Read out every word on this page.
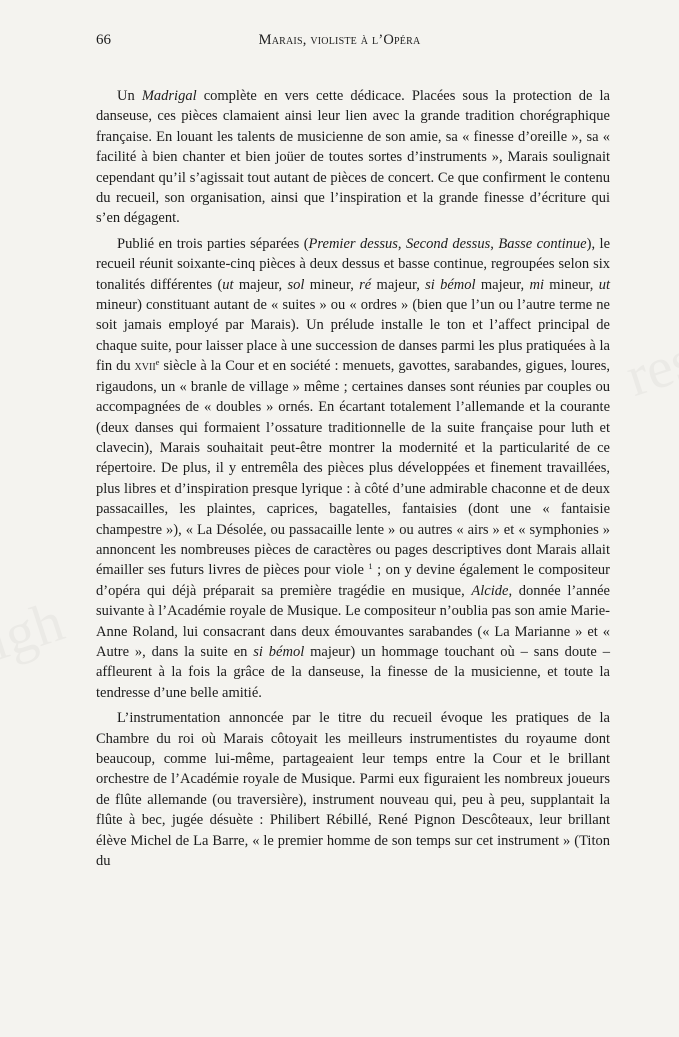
66	Marais, violiste à l’Opéra

Un Madrigal complète en vers cette dédicace. Placées sous la protection de la danseuse, ces pièces clamaient ainsi leur lien avec la grande tradition chorégraphique française. En louant les talents de musicienne de son amie, sa « finesse d’oreille », sa « facilité à bien chanter et bien joüer de toutes sortes d’instruments », Marais soulignait cependant qu’il s’agissait tout autant de pièces de concert. Ce que confirment le contenu du recueil, son organisation, ainsi que l’inspiration et la grande finesse d’écriture qui s’en dégagent.

Publié en trois parties séparées (Premier dessus, Second dessus, Basse continue), le recueil réunit soixante-cinq pièces à deux dessus et basse continue, regroupées selon six tonalités différentes (ut majeur, sol mineur, ré majeur, si bémol majeur, mi mineur, ut mineur) constituant autant de « suites » ou « ordres » (bien que l’un ou l’autre terme ne soit jamais employé par Marais). Un prélude installe le ton et l’affect principal de chaque suite, pour laisser place à une succession de danses parmi les plus pratiquées à la fin du xvii$^e$ siècle à la Cour et en société : menuets, gavottes, sarabandes, gigues, loures, rigaudons, un « branle de village » même ; certaines danses sont réunies par couples ou accompagnées de « doubles » ornés. En écartant totalement l’allemande et la courante (deux danses qui formaient l’ossature traditionnelle de la suite française pour luth et clavecin), Marais souhaitait peut-être montrer la modernité et la particularité de ce répertoire. De plus, il y entremêla des pièces plus développées et finement travaillées, plus libres et d’inspiration presque lyrique : à côté d’une admirable chaconne et de deux passacailles, les plaintes, caprices, bagatelles, fantaisies (dont une « fantaisie champestre »), « La Désolée, ou passacaille lente » ou autres « airs » et « symphonies » annoncent les nombreuses pièces de caractères ou pages descriptives dont Marais allait émailler ses futurs livres de pièces pour viole $^1$ ; on y devine également le compositeur d’opéra qui déjà préparait sa première tragédie en musique, Alcide, donnée l’année suivante à l’Académie royale de Musique. Le compositeur n’oublia pas son amie Marie-Anne Roland, lui consacrant dans deux émouvantes sarabandes (« La Marianne » et « Autre », dans la suite en si bémol majeur) un hommage touchant où – sans doute – affleurent à la fois la grâce de la danseuse, la finesse de la musicienne, et toute la tendresse d’une belle amitié.

L’instrumentation annoncée par le titre du recueil évoque les pratiques de la Chambre du roi où Marais côtoyait les meilleurs instrumentistes du royaume dont beaucoup, comme lui-même, partageaient leur temps entre la Cour et le brillant orchestre de l’Académie royale de Musique. Parmi eux figuraient les nombreux joueurs de flûte allemande (ou traversière), instrument nouveau qui, peu à peu, supplantait la flûte à bec, jugée désuète : Philibert Rébillé, René Pignon Descôteaux, leur brillant élève Michel de La Barre, « le premier homme de son temps sur cet instrument » (Titon du
